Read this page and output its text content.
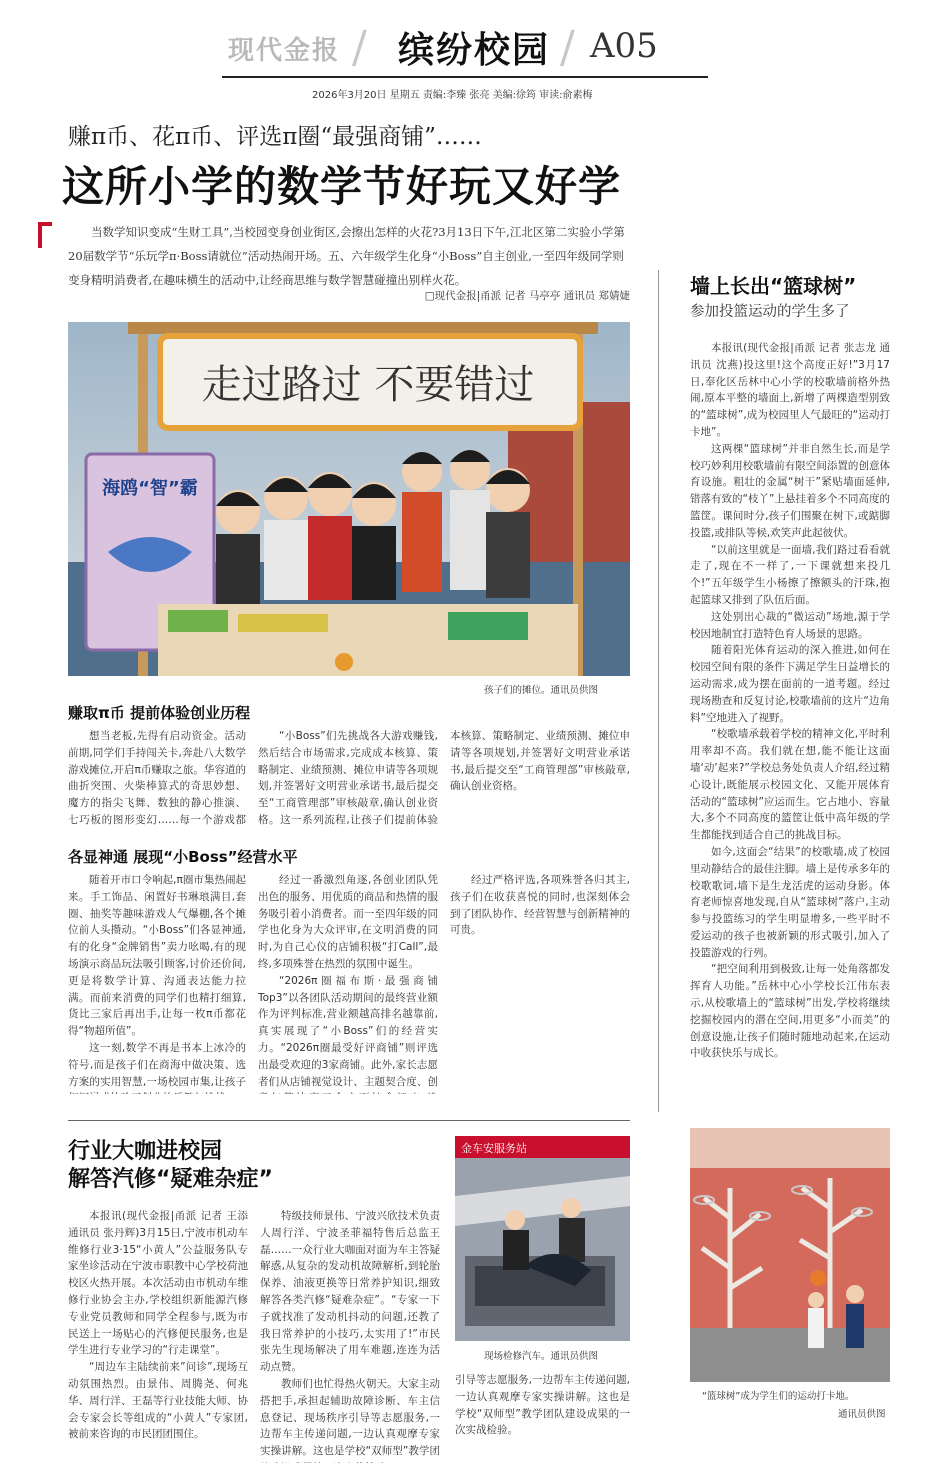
现代金报 / 缤纷校园 / A05
2026年3月20日 星期五 责编:李臻 张亮 美编:徐筠 审读:俞素梅
赚π币、花π币、评选π圈“最强商铺”……
这所小学的数学节好玩又好学
当数学知识变成“生财工具”,当校园变身创业街区,会擦出怎样的火花?3月13日下午,江北区第二实验小学第20届数学节“乐玩学π·Boss请就位”活动热闹开场。五、六年级学生化身“小Boss”自主创业,一至四年级同学则变身精明消费者,在趣味横生的活动中,让经商思维与数学智慧碰撞出别样火花。
□现代金报|甬派 记者 马亭亭 通讯员 郑婧婕
走过路过 不要错过
海鸥“智”霸
孩子们的摊位。通讯员供图
赚取π币 提前体验创业历程

想当老板,先得有启动资金。活动前期,同学们手持闯关卡,奔赴八大数学游戏摊位,开启π币赚取之旅。华容道的曲折突围、火柴棒算式的奇思妙想、魔方的指尖飞舞、数独的静心推演、七巧板的图形变幻……每一个游戏都

“小Boss”们先挑战各大游戏赚钱,然后结合市场需求,完成成本核算、策略制定、业绩预测、摊位申请等各项规划,并签署好文明营业承诺书,最后提交至“工商管理部”审核敲章,确认创业资格。这一系列流程,让孩子们提前体验

本核算、策略制定、业绩预测、摊位申请等各项规划,并签署好文明营业承诺书,最后提交至“工商管理部”审核敲章,确认创业资格。

各显神通 展现“小Boss”经营水平

随着开市口令响起,π圈市集热闹起来。手工饰品、闲置好书琳琅满目,套圈、抽奖等趣味游戏人气爆棚,各个摊位前人头攒动。“小Boss”们各显神通,有的化身“金牌销售”卖力吆喝,有的现场演示商品玩法吸引顾客,讨价还价间,更是将数学计算、沟通表达能力拉满。而前来消费的同学们也精打细算,货比三家后再出手,让每一枚π币都花得“物超所值”。

这一刻,数学不再是书本上冰冷的符号,而是孩子们在商海中做决策、选方案的实用智慧,一场校园市集,让孩子

经过一番激烈角逐,各创业团队凭出色的服务、用优质的商品和热情的服务吸引着小消费者。而一至四年级的同学也化身为大众评审,在文明消费的同时,为自己心仪的店铺积极“打Call”,最终,多项殊誉在热烈的氛围中诞生。

“2026π圈福布斯·最强商铺Top3”以各团队活动期间的最终营业额作为评判标准,营业额越高排名越靠前,真实展现了“小Boss”们的经营实力。“2026π圈最受好评商铺”则评选出最受欢迎的3家商铺。此外,家长志愿者们从店铺视觉设计、主题契合度、创

经过严格评选,各项殊誉各归其主,孩子们在收获喜悦的同时,也深刻体会到了团队协作、经营智慧与创新精神的可贵。

墙上长出“篮球树”
参加投篮运动的学生多了

本报讯(现代金报|甬派 记者 张志龙 通讯员 沈燕)投这里!这个高度正好!”3月17日,奉化区岳林中心小学的校歌墙前格外热闹,原本平整的墙面上,新增了两棵造型别致的“篮球树”,成为校园里人气最旺的“运动打卡地”。

这两棵“篮球树”并非自然生长,而是学校巧妙利用校歌墙前有限空间添置的创意体育设施。粗壮的金属“树干”紧贴墙面延伸,错落有致的“枝丫”上悬挂着多个不同高度的篮筐。课间时分,孩子们围聚在树下,或踮脚投篮,或排队等候,欢笑声此起彼伏。

“以前这里就是一面墙,我们路过看看就走了,现在不一样了,一下课就想来投几个!”五年级学生小杨擦了擦额头的汗珠,抱起篮球又排到了队伍后面。

这处别出心裁的“微运动”场地,源于学校因地制宜打造特色育人场景的思路。

随着阳光体育运动的深入推进,如何在校园空间有限的条件下满足学生日益增长的运动需求,成为摆在面前的一道考题。经过现场勘查和反复讨论,校歌墙前的这片“边角料”空地进入了视野。

“校歌墙承载着学校的精神文化,平时利用率却不高。我们就在想,能不能让这面墙‘动’起来?”学校总务处负责人介绍,经过精心设计,既能展示校园文化、又能开展体育活动的“篮球树”应运而生。它占地小、容量大,多个不同高度的篮筐让低中高年级的学生都能找到适合自己的挑战目标。

如今,这面会“结果”的校歌墙,成了校园里动静结合的最佳注脚。墙上是传承多年的校歌歌词,墙下是生龙活虎的运动身影。体育老师惊喜地发现,自从“篮球树”落户,主动参与投篮练习的学生明显增多,一些平时不爱运动的孩子也被新颖的形式吸引,加入了投篮游戏的行列。

“把空间利用到极致,让每一处角落都发挥育人功能。”岳林中心小学校长江伟东表示,从校歌墙上的“篮球树”出发,学校将继续挖掘校园内的潜在空间,用更多“小而美”的创意设施,让孩子们随时随地动起来,在运动中收获快乐与成长。

“篮球树”成为学生们的运动打卡地。
通讯员供图
行业大咖进校园
解答汽修“疑难杂症”

本报讯(现代金报|甬派 记者 王添 通讯员 张丹辉)3月15日,宁波市机动车维修行业3·15“小黄人”公益服务队专家坐诊活动在宁波市职教中心学校荷池校区火热开展。本次活动由市机动车维修行业协会主办,学校组织新能源汽修专业党员教师和同学全程参与,既为市民送上一场贴心的汽修便民服务,也是学生进行专业学习的“行走课堂”。

“周边车主陆续前来”问诊”,现场互动氛围热烈。由景伟、周腾尧、何兆华、周行洋、王磊等行业技能大师、协会专家会长等组成的“小黄人”专家团,被前来咨询的市民团团围住。

特级技师景伟、宁波兴欣技术负责人周行洋、宁波圣菲福特售后总监王磊……一众行业大咖面对面为车主答疑解惑,从复杂的发动机故障解析,到轮胎保养、油液更换等日常养护知识,细致解答各类汽修“疑难杂症”。“专家一下子就找准了发动机抖动的问题,还教了我日常养护的小技巧,太实用了!”市民张先生现场解决了用车难题,连连为活动点赞。

教师们也忙得热火朝天。大家主动搭把手,承担起辅助故障诊断、车主信息登记、现场秩序引导等志愿服务,一边帮车主传递问题,一边认真观摩专家实操讲解。这也是学校“双师型”教学团

金车安服务站
现场检修汽车。通讯员供图

引导等志愿服务,一边帮车主传递问题,一边认真观摩专家实操讲解。这也是学校“双师型”教学团队建设成果的一次实战检验。
